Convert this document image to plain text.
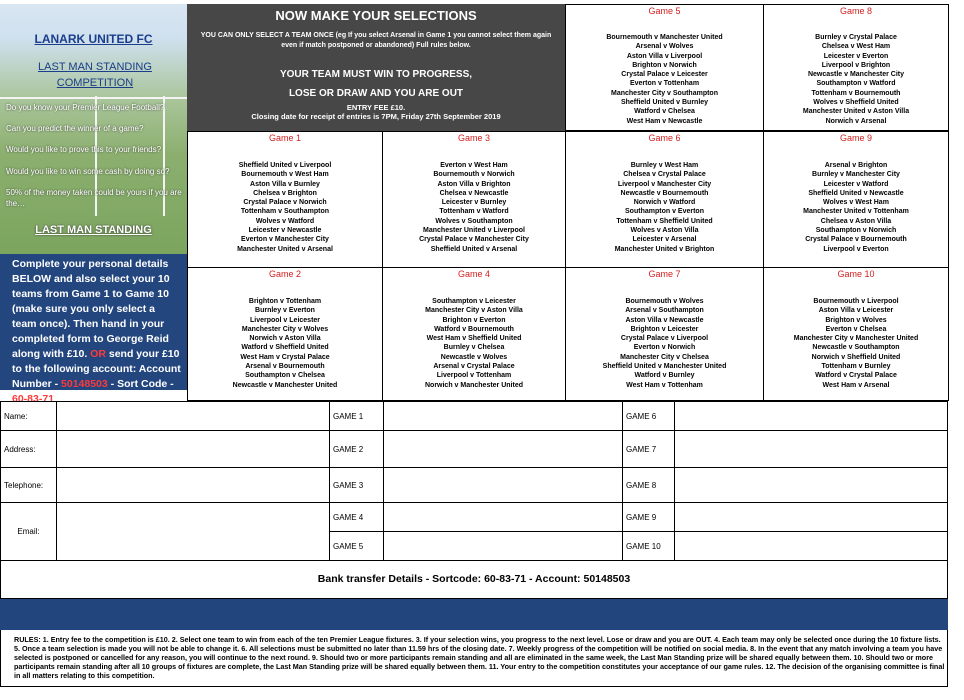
LANARK UNITED FC
LAST MAN STANDING COMPETITION
Do you know your Premier League Football?
Can you predict the winner of a game?
Would you like to prove this to your friends?
Would you like to win some cash by doing so?
50% of the money taken could be yours if you are the…
LAST MAN STANDING
Complete your personal details BELOW and also select your 10 teams from Game 1 to Game 10 (make sure you only select a team once). Then hand in your completed form to George Reid along with £10. OR send your £10 to the following account: Account Number - 50148503 - Sort Code - 60-83-71
NOW MAKE YOUR SELECTIONS
YOU CAN ONLY SELECT A TEAM ONCE (eg If you select Arsenal in Game 1 you cannot select them again even if match postponed or abandoned) Full rules below.
YOUR TEAM MUST WIN TO PROGRESS,
LOSE OR DRAW AND YOU ARE OUT
ENTRY FEE £10.
Closing date for receipt of entries is 7PM, Friday 27th September 2019
Game 5
Bournemouth v Manchester United
Arsenal v Wolves
Aston Villa v Liverpool
Brighton v Norwich
Crystal Palace v Leicester
Everton v Tottenham
Manchester City v Southampton
Sheffield United v Burnley
Watford v Chelsea
West Ham v Newcastle
Game 8
Burnley v Crystal Palace
Chelsea v West Ham
Leicester v Everton
Liverpool v Brighton
Newcastle v Manchester City
Southampton v Watford
Tottenham v Bournemouth
Wolves v Sheffield United
Manchester United v Aston Villa
Norwich v Arsenal
Game 1
Sheffield United v Liverpool
Bournemouth v West Ham
Aston Villa v Burnley
Chelsea v Brighton
Crystal Palace v Norwich
Tottenham v Southampton
Wolves v Watford
Leicester v Newcastle
Everton v Manchester City
Manchester United v Arsenal
Game 3
Everton v West Ham
Bournemouth v Norwich
Aston Villa v Brighton
Chelsea v Newcastle
Leicester v Burnley
Tottenham v Watford
Wolves v Southampton
Manchester United v Liverpool
Crystal Palace v Manchester City
Sheffield United v Arsenal
Game 6
Burnley v West Ham
Chelsea v Crystal Palace
Liverpool v Manchester City
Newcastle v Bournemouth
Norwich v Watford
Southampton v Everton
Tottenham v Sheffield United
Wolves v Aston Villa
Leicester v Arsenal
Manchester United v Brighton
Game 9
Arsenal v Brighton
Burnley v Manchester City
Leicester v Watford
Sheffield United v Newcastle
Wolves v West Ham
Manchester United v Tottenham
Chelsea v Aston Villa
Southampton v Norwich
Crystal Palace v Bournemouth
Liverpool v Everton
Game 2
Brighton v Tottenham
Burnley v Everton
Liverpool v Leicester
Manchester City v Wolves
Norwich v Aston Villa
Watford v Sheffield United
West Ham v Crystal Palace
Arsenal v Bournemouth
Southampton v Chelsea
Newcastle v Manchester United
Game 4
Southampton v Leicester
Manchester City v Aston Villa
Brighton v Everton
Watford v Bournemouth
West Ham v Sheffield United
Burnley v Chelsea
Newcastle v Wolves
Arsenal v Crystal Palace
Liverpool v Tottenham
Norwich v Manchester United
Game 7
Bournemouth v Wolves
Arsenal v Southampton
Aston Villa v Newcastle
Brighton v Leicester
Crystal Palace v Liverpool
Everton v Norwich
Manchester City v Chelsea
Sheffield United v Manchester United
Watford v Burnley
West Ham v Tottenham
Game 10
Bournemouth v Liverpool
Aston Villa v Leicester
Brighton v Wolves
Everton v Chelsea
Manchester City v Manchester United
Newcastle v Southampton
Norwich v Sheffield United
Tottenham v Burnley
Watford v Crystal Palace
West Ham v Arsenal
Name:	GAME 1	GAME 6
Address:	GAME 2	GAME 7
Telephone:	GAME 3	GAME 8
Email:
GAME 4	GAME 9
GAME 5	GAME 10
Bank transfer Details - Sortcode: 60-83-71 - Account: 50148503
RULES: 1. Entry fee to the competition is £10. 2. Select one team to win from each of the ten Premier League fixtures. 3. If your selection wins, you progress to the next level. Lose or draw and you are OUT. 4. Each team may only be selected once during the 10 fixture lists. 5. Once a team selection is made you will not be able to change it. 6. All selections must be submitted no later than 11.59 hrs of the closing date. 7. Weekly progress of the competition will be notified on social media. 8. In the event that any match involving a team you have selected is postponed or cancelled for any reason, you will continue to the next round. 9. Should two or more participants remain standing and all are eliminated in the same week, the Last Man Standing prize will be shared equally between them. 10. Should two or more participants remain standing after all 10 groups of fixtures are complete, the Last Man Standing prize will be shared equally between them. 11. Your entry to the competition constitutes your acceptance of our game rules. 12. The decision of the organising committee is final in all matters relating to this competition.
